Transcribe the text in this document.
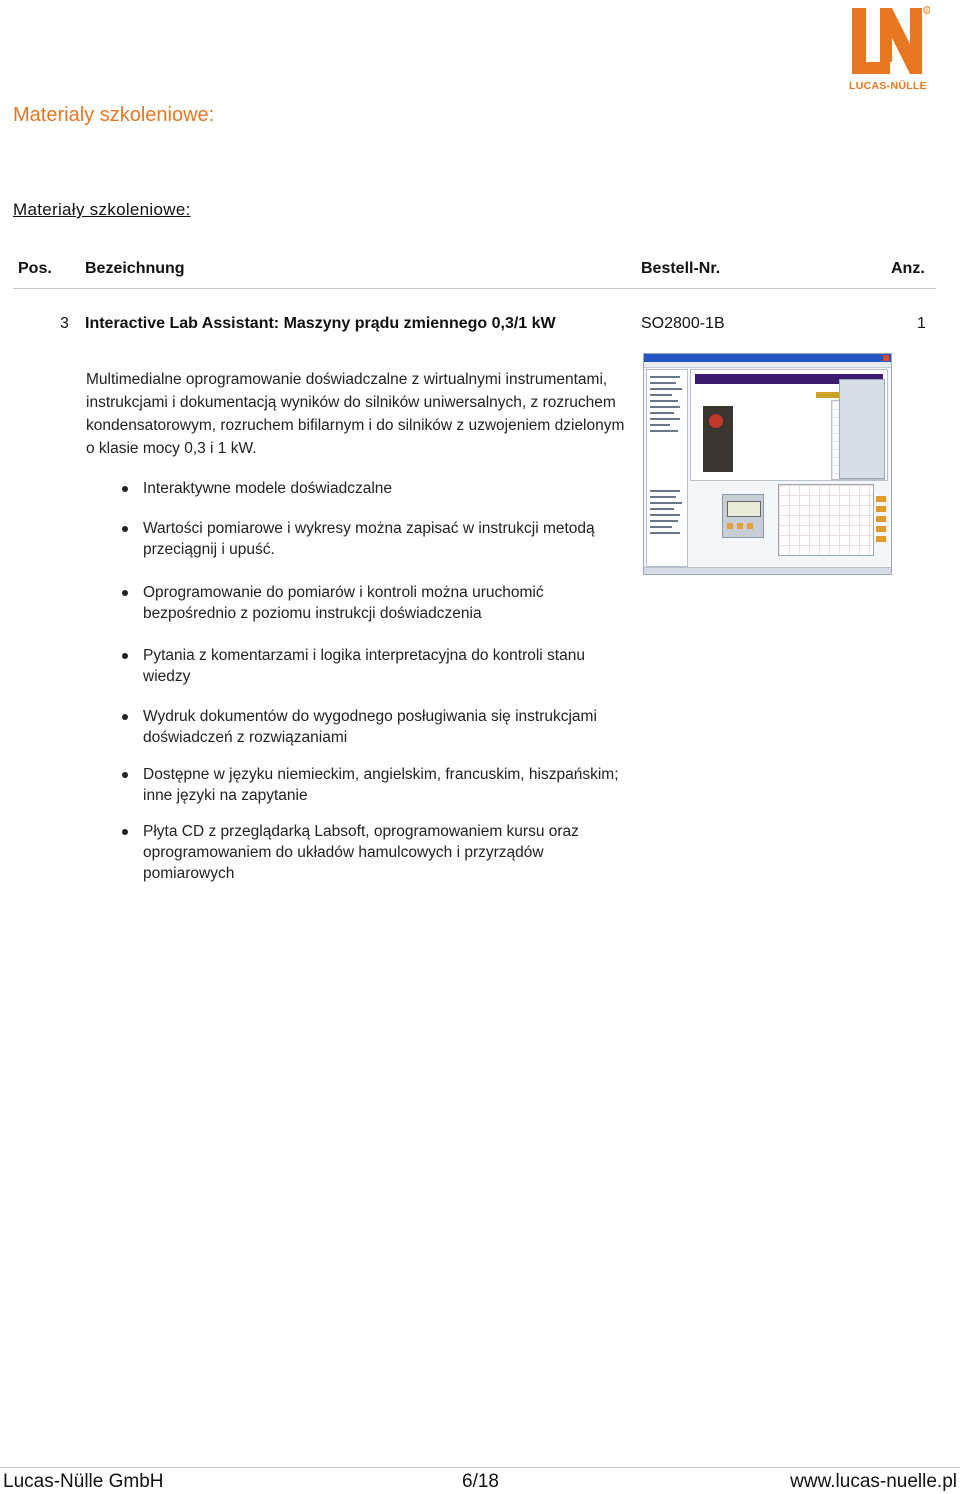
®
LUCAS-NÜLLE
Materialy szkoleniowe:
Materiały szkoleniowe:
Pos. Bezeichnung	Bestell-Nr.	Anz.
3 Interactive Lab Assistant: Maszyny prądu zmiennego 0,3/1 kW	SO2800-1B	1

Multimedialne oprogramowanie doświadczalne z wirtualnymi instrumentami, instrukcjami i dokumentacją wyników do silników uniwersalnych, z rozruchem kondensatorowym, rozruchem bifilarnym i do silników z uzwojeniem dzielonym o klasie mocy 0,3 i 1 kW.

Interaktywne modele doświadczalne
Wartości pomiarowe i wykresy można zapisać w instrukcji metodą przeciągnij i upuść.
Oprogramowanie do pomiarów i kontroli można uruchomić bezpośrednio z poziomu instrukcji doświadczenia
Pytania z komentarzami i logika interpretacyjna do kontroli stanu wiedzy
Wydruk dokumentów do wygodnego posługiwania się instrukcjami doświadczeń z rozwiązaniami
Dostępne w języku niemieckim, angielskim, francuskim, hiszpańskim; inne języki na zapytanie
Płyta CD z przeglądarką Labsoft, oprogramowaniem kursu oraz oprogramowaniem do układów hamulcowych i przyrządów pomiarowych
Lucas-Nülle GmbH	6/18	www.lucas-nuelle.pl
